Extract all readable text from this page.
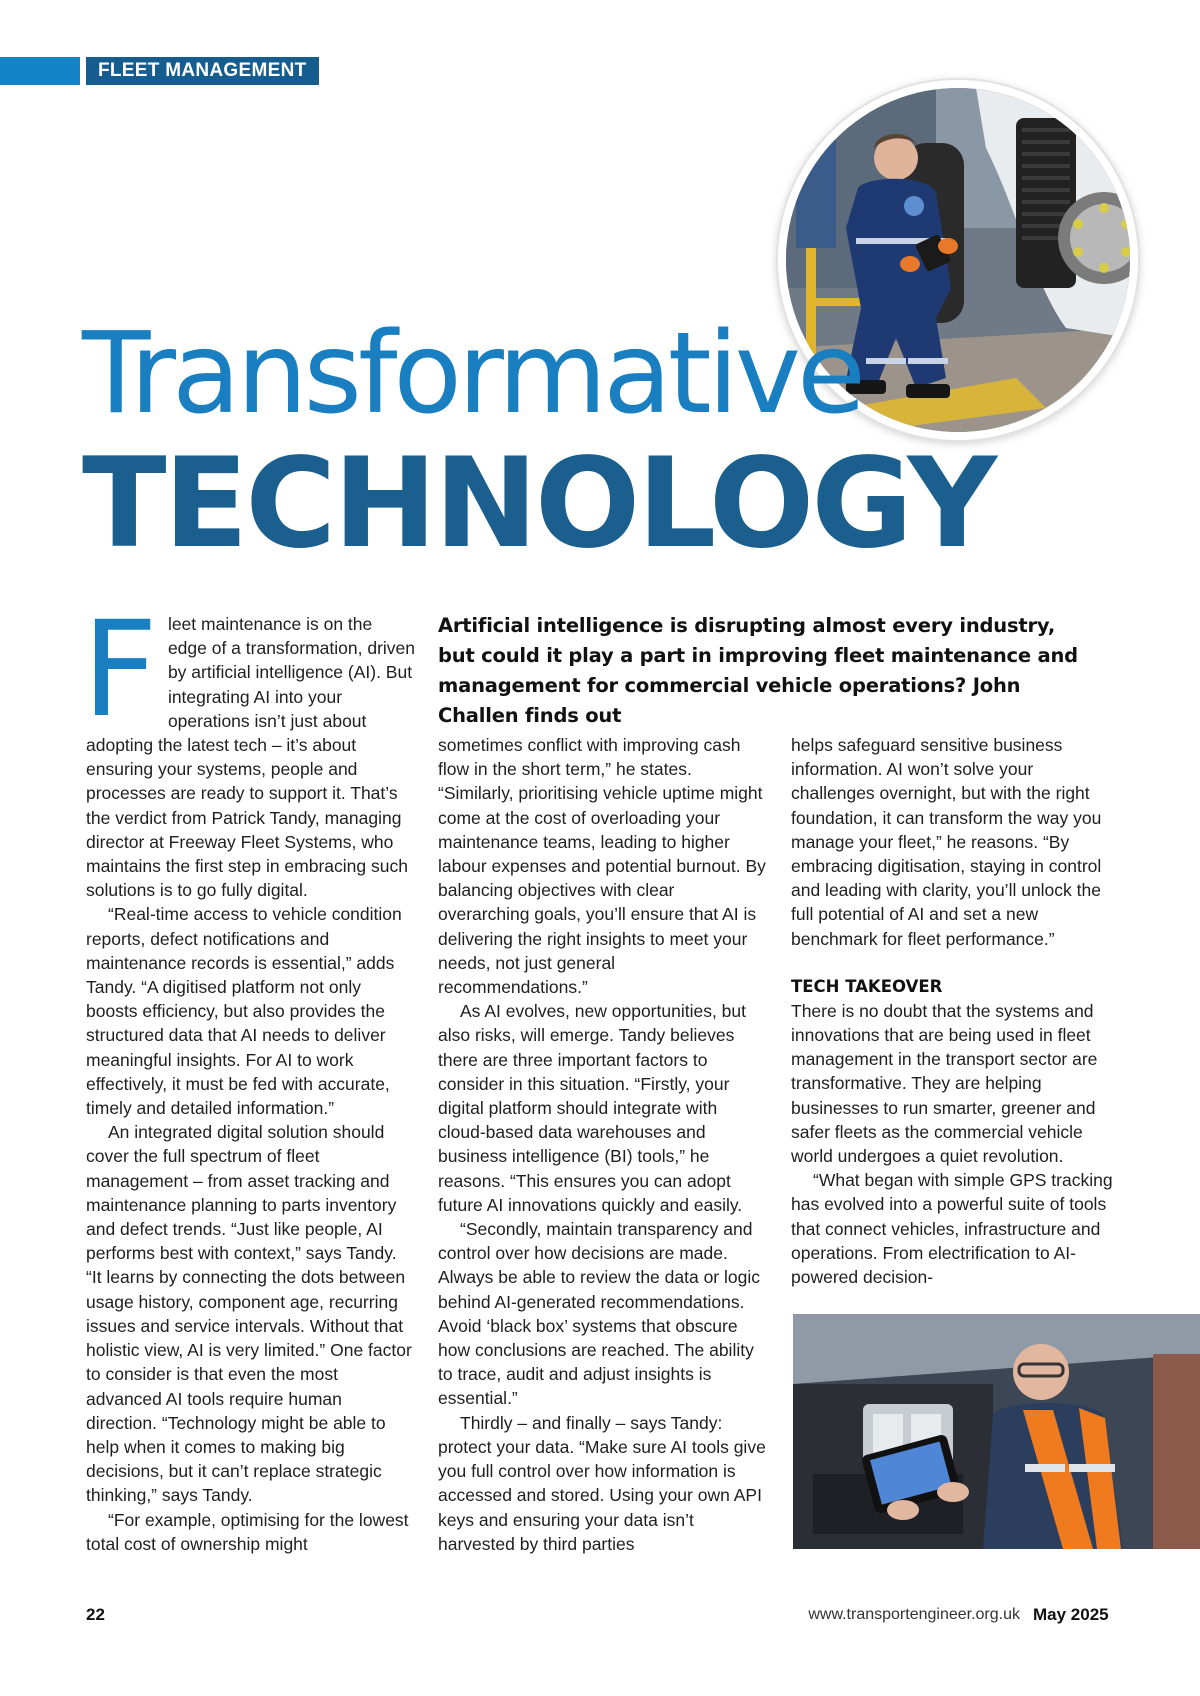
FLEET MANAGEMENT
Transformative
TECHNOLOGY
Artificial intelligence is disrupting almost every industry, but could it play a part in improving fleet maintenance and management for commercial vehicle operations? John Challen finds out
F leet maintenance is on the edge of a transformation, driven by artificial intelligence (AI). But integrating AI into your operations isn’t just about adopting the latest tech – it’s about ensuring your systems, people and processes are ready to support it. That’s the verdict from Patrick Tandy, managing director at Freeway Fleet Systems, who maintains the first step in embracing such solutions is to go fully digital.

“Real-time access to vehicle condition reports, defect notifications and maintenance records is essential,” adds Tandy. “A digitised platform not only boosts efficiency, but also provides the structured data that AI needs to deliver meaningful insights. For AI to work effectively, it must be fed with accurate, timely and detailed information.”

An integrated digital solution should cover the full spectrum of fleet management – from asset tracking and maintenance planning to parts inventory and defect trends. “Just like people, AI performs best with context,” says Tandy. “It learns by connecting the dots between usage history, component age, recurring issues and service intervals. Without that holistic view, AI is very limited.” One factor to consider is that even the most advanced AI tools require human direction. “Technology might be able to help when it comes to making big decisions, but it can’t replace strategic thinking,” says Tandy.

“For example, optimising for the lowest total cost of ownership might

sometimes conflict with improving cash flow in the short term,” he states. “Similarly, prioritising vehicle uptime might come at the cost of overloading your maintenance teams, leading to higher labour expenses and potential burnout. By balancing objectives with clear overarching goals, you’ll ensure that AI is delivering the right insights to meet your needs, not just general recommendations.”

As AI evolves, new opportunities, but also risks, will emerge. Tandy believes there are three important factors to consider in this situation. “Firstly, your digital platform should integrate with cloud-based data warehouses and business intelligence (BI) tools,” he reasons. “This ensures you can adopt future AI innovations quickly and easily.

“Secondly, maintain transparency and control over how decisions are made. Always be able to review the data or logic behind AI-generated recommendations. Avoid ‘black box’ systems that obscure how conclusions are reached. The ability to trace, audit and adjust insights is essential.”

Thirdly – and finally – says Tandy: protect your data. “Make sure AI tools give you full control over how information is accessed and stored. Using your own API keys and ensuring your data isn’t harvested by third parties

helps safeguard sensitive business information. AI won’t solve your challenges overnight, but with the right foundation, it can transform the way you manage your fleet,” he reasons. “By embracing digitisation, staying in control and leading with clarity, you’ll unlock the full potential of AI and set a new benchmark for fleet performance.”

TECH TAKEOVER

There is no doubt that the systems and innovations that are being used in fleet management in the transport sector are transformative. They are helping businesses to run smarter, greener and safer fleets as the commercial vehicle world undergoes a quiet revolution.

“What began with simple GPS tracking has evolved into a powerful suite of tools that connect vehicles, infrastructure and operations. From electrification to AI-powered decision-

22	www.transportengineer.org.uk May 2025
